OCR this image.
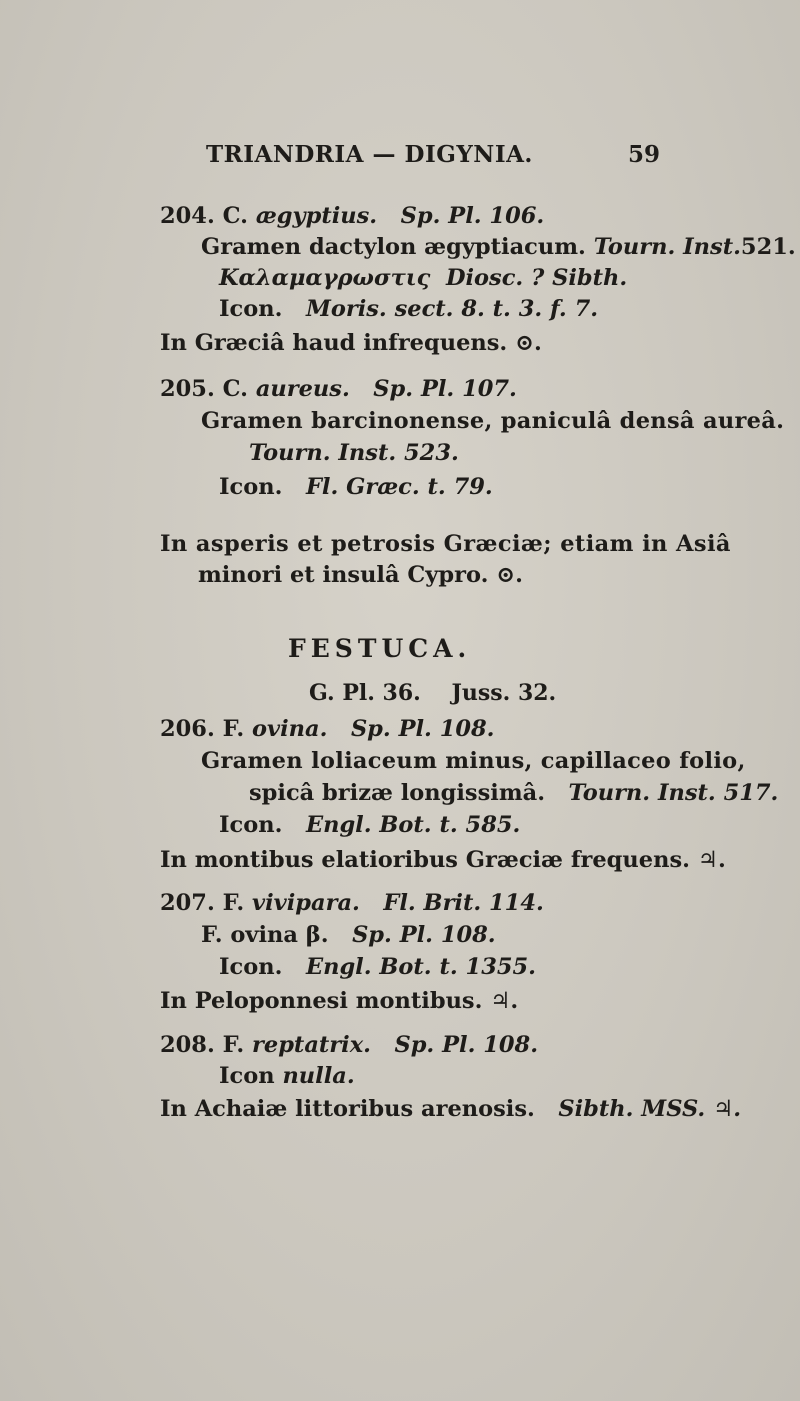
TRIANDRIA — DIGYNIA.	59
204. C. ægyptius. Sp. Pl. 106.
Gramen dactylon ægyptiacum. Tourn. Inst.521.
Καλαμαγρωστις Diosc. ? Sibth.
Icon. Moris. sect. 8. t. 3. f. 7.
In Græciâ haud infrequens. ⊙.
205. C. aureus. Sp. Pl. 107.
Gramen barcinonense, paniculâ densâ aureâ.
Tourn. Inst. 523.
Icon. Fl. Græc. t. 79.
In asperis et petrosis Græciæ; etiam in Asiâ
minori et insulâ Cypro. ⊙.
FESTUCA.
G. Pl. 36.    Juss. 32.
206. F. ovina. Sp. Pl. 108.
Gramen loliaceum minus, capillaceo folio,
spicâ brizæ longissimâ. Tourn. Inst. 517.
Icon. Engl. Bot. t. 585.
In montibus elatioribus Græciæ frequens. ♃.
207. F. vivipara. Fl. Brit. 114.
F. ovina β. Sp. Pl. 108.
Icon. Engl. Bot. t. 1355.
In Peloponnesi montibus. ♃.
208. F. reptatrix. Sp. Pl. 108.
Icon nulla.
In Achaiæ littoribus arenosis. Sibth. MSS. ♃.
